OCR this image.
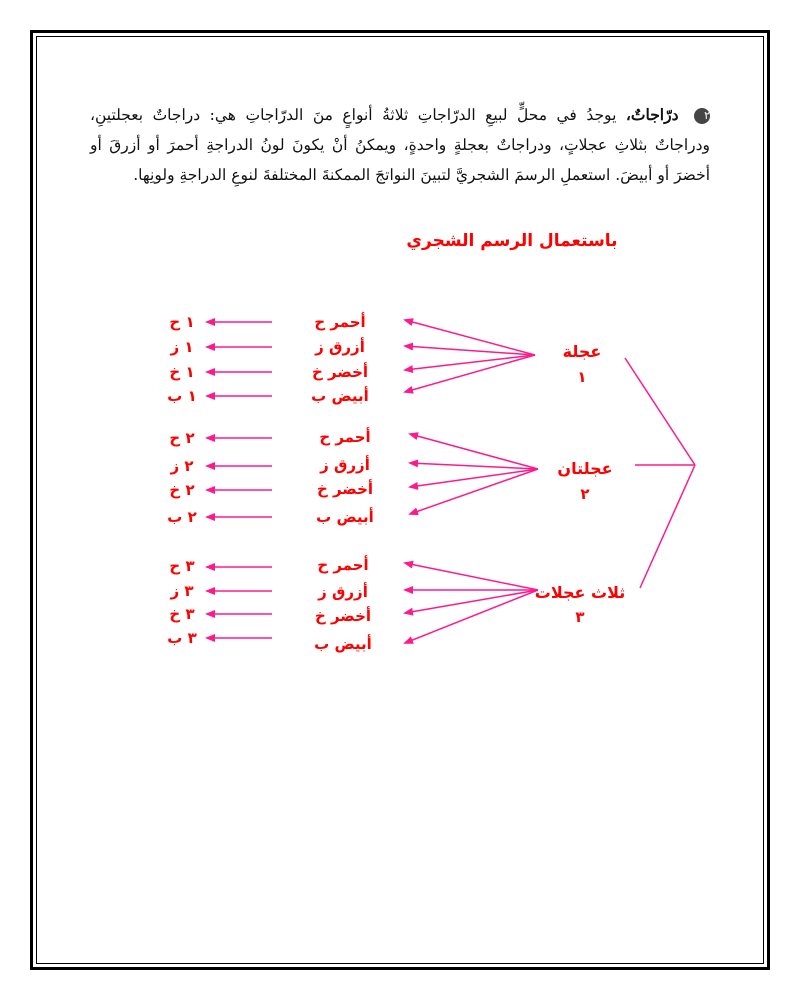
٢ درّاجاتٌ، يوجدُ في محلٍّ لبيعِ الدرّاجاتِ ثلاثةُ أنواعٍ منَ الدرّاجاتِ هي: دراجاتٌ بعجلتينِ، ودراجاتٌ بثلاثِ عجلاتٍ، ودراجاتٌ بعجلةٍ واحدةٍ، ويمكنُ أنْ يكونَ لونُ الدراجةِ أحمرَ أو أزرقَ أو أخضرَ أو أبيضَ. استعملِ الرسمَ الشجريَّ لتبينَ النواتجَ الممكنةَ المختلفةَ لنوعِ الدراجةِ ولونِها.
باستعمال الرسم الشجري
عجلة
١
أحمر ح
أزرق ز
أخضر خ
أبيض ب
١ ح
١ ز
١ خ
١ ب
عجلتان
٢
أحمر ح
أزرق ز
أخضر خ
أبيض ب
٢ ح
٢ ز
٢ خ
٢ ب
ثلاث عجلات
٣
أحمر ح
أزرق ز
أخضر خ
أبيض ب
٣ ح
٣ ز
٣ خ
٣ ب
